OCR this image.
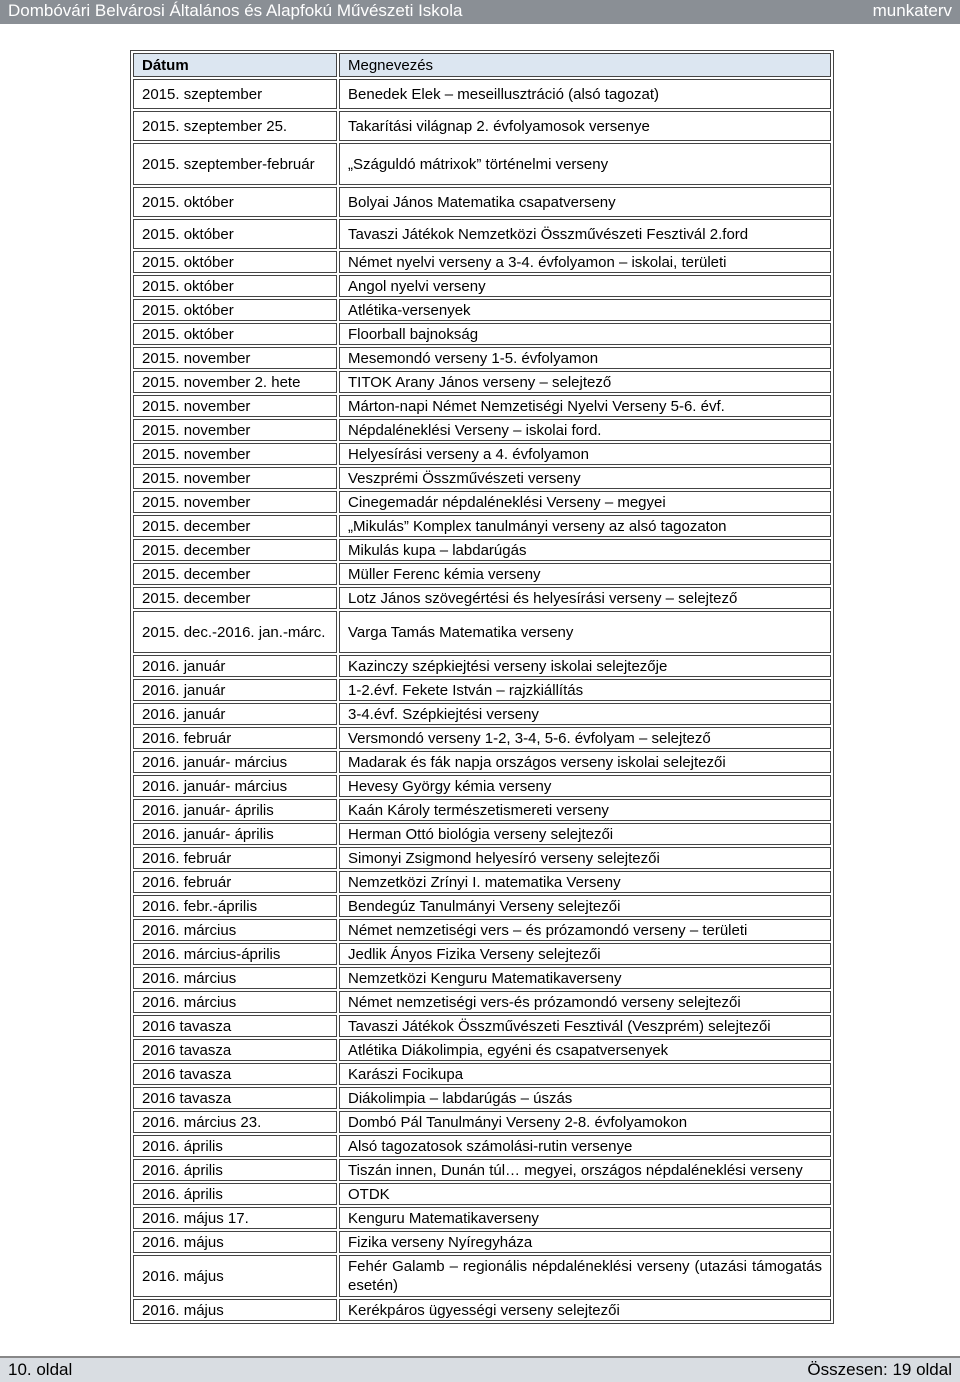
Dombóvári Belvárosi Általános és Alapfokú Művészeti Iskola	munkaterv
Dátum	Megnevezés
2015. szeptember	Benedek Elek – meseillusztráció (alsó tagozat)
2015. szeptember 25.	Takarítási világnap 2. évfolyamosok versenye
2015. szeptember-február	„Száguldó mátrixok” történelmi verseny
2015. október	Bolyai János Matematika csapatverseny
2015. október	Tavaszi Játékok Nemzetközi Összművészeti Fesztivál 2.ford
2015. október	Német nyelvi verseny a 3-4. évfolyamon – iskolai, területi
2015. október	Angol nyelvi verseny
2015. október	Atlétika-versenyek
2015. október	Floorball bajnokság
2015. november	Mesemondó verseny 1-5. évfolyamon
2015. november 2. hete	TITOK Arany János verseny – selejtező
2015. november	Márton-napi Német Nemzetiségi Nyelvi Verseny 5-6. évf.
2015. november	Népdaléneklési Verseny – iskolai ford.
2015. november	Helyesírási verseny a 4. évfolyamon
2015. november	Veszprémi Összművészeti verseny
2015. november	Cinegemadár népdaléneklési Verseny – megyei
2015. december	„Mikulás” Komplex tanulmányi verseny az alsó tagozaton
2015. december	Mikulás kupa – labdarúgás
2015. december	Müller Ferenc kémia verseny
2015. december	Lotz János szövegértési és helyesírási verseny – selejtező
2015. dec.-2016. jan.-márc.	Varga Tamás Matematika verseny
2016. január	Kazinczy szépkiejtési verseny iskolai selejtezője
2016. január	1-2.évf. Fekete István – rajzkiállítás
2016. január	3-4.évf. Szépkiejtési verseny
2016. február	Versmondó verseny 1-2, 3-4, 5-6. évfolyam – selejtező
2016. január- március	Madarak és fák napja országos verseny iskolai selejtezői
2016. január- március	Hevesy György kémia verseny
2016. január- április	Kaán Károly természetismereti verseny
2016. január- április	Herman Ottó biológia verseny selejtezői
2016. február	Simonyi Zsigmond helyesíró verseny selejtezői
2016. február	Nemzetközi Zrínyi I. matematika Verseny
2016. febr.-április	Bendegúz Tanulmányi Verseny selejtezői
2016. március	Német nemzetiségi vers – és prózamondó verseny – területi
2016. március-április	Jedlik Ányos Fizika Verseny selejtezői
2016. március	Nemzetközi Kenguru Matematikaverseny
2016. március	Német nemzetiségi vers-és prózamondó verseny selejtezői
2016 tavasza	Tavaszi Játékok Összművészeti Fesztivál (Veszprém) selejtezői
2016 tavasza	Atlétika Diákolimpia, egyéni és csapatversenyek
2016 tavasza	Karászi Focikupa
2016 tavasza	Diákolimpia – labdarúgás – úszás
2016. március 23.	Dombó Pál Tanulmányi Verseny 2-8. évfolyamokon
2016. április	Alsó tagozatosok számolási-rutin versenye
2016. április	Tiszán innen, Dunán túl… megyei, országos népdaléneklési verseny
2016. április	OTDK
2016. május 17.	Kenguru Matematikaverseny
2016. május	Fizika verseny Nyíregyháza
2016. május	Fehér Galamb – regionális népdaléneklési verseny (utazási támogatás esetén)
2016. május	Kerékpáros ügyességi verseny selejtezői
10. oldal	Összesen: 19 oldal
